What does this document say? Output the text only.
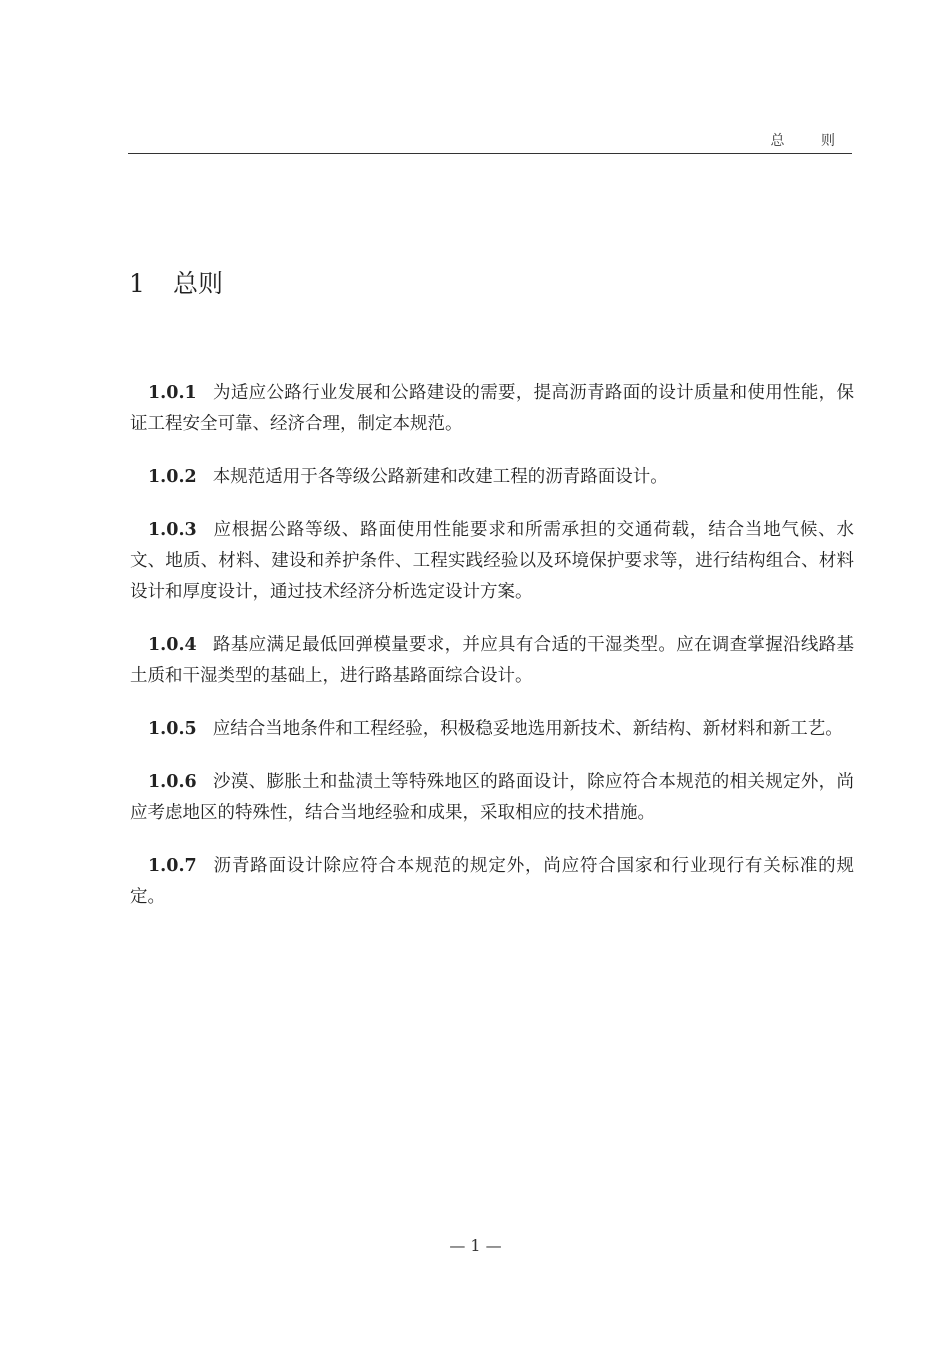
总 则
1 总则

1.0.1 为适应公路行业发展和公路建设的需要，提高沥青路面的设计质量和使用性能，保证工程安全可靠、经济合理，制定本规范。

1.0.2 本规范适用于各等级公路新建和改建工程的沥青路面设计。

1.0.3 应根据公路等级、路面使用性能要求和所需承担的交通荷载，结合当地气候、水文、地质、材料、建设和养护条件、工程实践经验以及环境保护要求等，进行结构组合、材料设计和厚度设计，通过技术经济分析选定设计方案。

1.0.4 路基应满足最低回弹模量要求，并应具有合适的干湿类型。应在调查掌握沿线路基土质和干湿类型的基础上，进行路基路面综合设计。

1.0.5 应结合当地条件和工程经验，积极稳妥地选用新技术、新结构、新材料和新工艺。

1.0.6 沙漠、膨胀土和盐渍土等特殊地区的路面设计，除应符合本规范的相关规定外，尚应考虑地区的特殊性，结合当地经验和成果，采取相应的技术措施。

1.0.7 沥青路面设计除应符合本规范的规定外，尚应符合国家和行业现行有关标准的规定。

— 1 —
